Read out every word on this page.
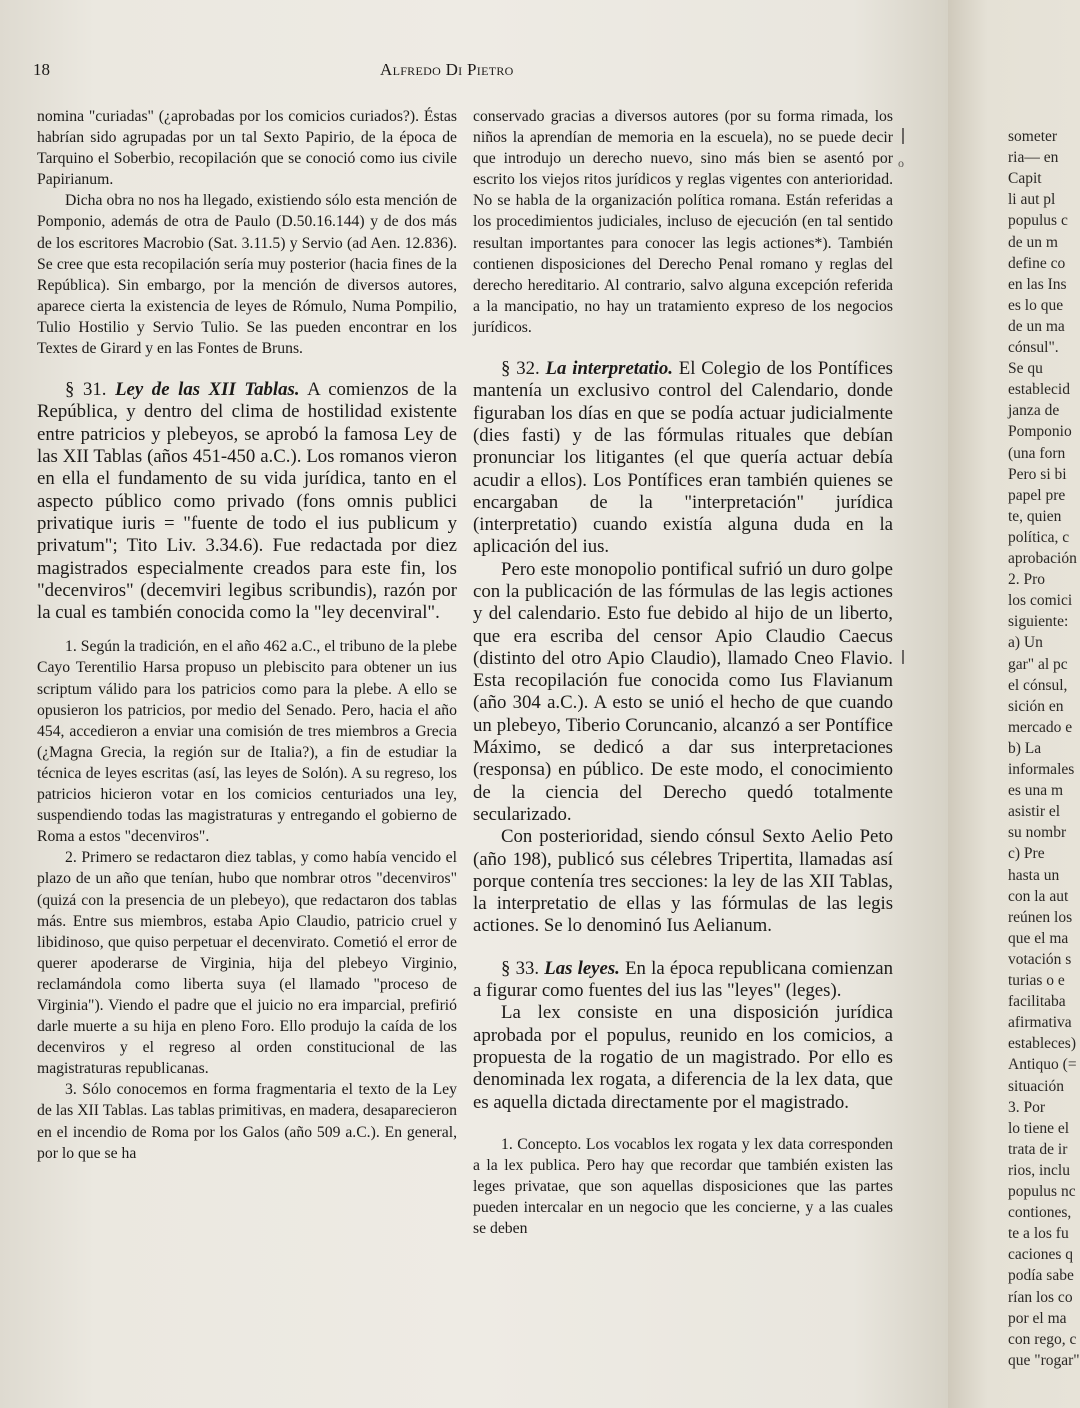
18	Alfredo Di Pietro

nomina "curiadas" (¿aprobadas por los comicios curiados?). Éstas habrían sido agrupadas por un tal Sexto Papirio, de la época de Tarquino el Soberbio, recopilación que se conoció como ius civile Papirianum.

Dicha obra no nos ha llegado, existiendo sólo esta mención de Pomponio, además de otra de Paulo (D.50.16.144) y de dos más de los escritores Macrobio (Sat. 3.11.5) y Servio (ad Aen. 12.836). Se cree que esta recopilación sería muy posterior (hacia fines de la República). Sin embargo, por la mención de diversos autores, aparece cierta la existencia de leyes de Rómulo, Numa Pompilio, Tulio Hostilio y Servio Tulio. Se las pueden encontrar en los Textes de Girard y en las Fontes de Bruns.

§ 31. Ley de las XII Tablas. A comienzos de la República, y dentro del clima de hostilidad existente entre patricios y plebeyos, se aprobó la famosa Ley de las XII Tablas (años 451-450 a.C.). Los romanos vieron en ella el fundamento de su vida jurídica, tanto en el aspecto público como privado (fons omnis publici privatique iuris = "fuente de todo el ius publicum y privatum"; Tito Liv. 3.34.6). Fue redactada por diez magistrados especialmente creados para este fin, los "decenviros" (decemviri legibus scribundis), razón por la cual es también conocida como la "ley decenviral".

1. Según la tradición, en el año 462 a.C., el tribuno de la plebe Cayo Terentilio Harsa propuso un plebiscito para obtener un ius scriptum válido para los patricios como para la plebe. A ello se opusieron los patricios, por medio del Senado. Pero, hacia el año 454, accedieron a enviar una comisión de tres miembros a Grecia (¿Magna Grecia, la región sur de Italia?), a fin de estudiar la técnica de leyes escritas (así, las leyes de Solón). A su regreso, los patricios hicieron votar en los comicios centuriados una ley, suspendiendo todas las magistraturas y entregando el gobierno de Roma a estos "decenviros".

2. Primero se redactaron diez tablas, y como había vencido el plazo de un año que tenían, hubo que nombrar otros "decenviros" (quizá con la presencia de un plebeyo), que redactaron dos tablas más. Entre sus miembros, estaba Apio Claudio, patricio cruel y libidinoso, que quiso perpetuar el decenvirato. Cometió el error de querer apoderarse de Virginia, hija del plebeyo Virginio, reclamándola como liberta suya (el llamado "proceso de Virginia"). Viendo el padre que el juicio no era imparcial, prefirió darle muerte a su hija en pleno Foro. Ello produjo la caída de los decenviros y el regreso al orden constitucional de las magistraturas republicanas.

3. Sólo conocemos en forma fragmentaria el texto de la Ley de las XII Tablas. Las tablas primitivas, en madera, desaparecieron en el incendio de Roma por los Galos (año 509 a.C.). En general, por lo que se ha

conservado gracias a diversos autores (por su forma rimada, los niños la aprendían de memoria en la escuela), no se puede decir que introdujo un derecho nuevo, sino más bien se asentó por escrito los viejos ritos jurídicos y reglas vigentes con anterioridad. No se habla de la organización política romana. Están referidas a los procedimientos judiciales, incluso de ejecución (en tal sentido resultan importantes para conocer las legis actiones*). También contienen disposiciones del Derecho Penal romano y reglas del derecho hereditario. Al contrario, salvo alguna excepción referida a la mancipatio, no hay un tratamiento expreso de los negocios jurídicos.

§ 32. La interpretatio. El Colegio de los Pontífices mantenía un exclusivo control del Calendario, donde figuraban los días en que se podía actuar judicialmente (dies fasti) y de las fórmulas rituales que debían pronunciar los litigantes (el que quería actuar debía acudir a ellos). Los Pontífices eran también quienes se encargaban de la "interpretación" jurídica (interpretatio) cuando existía alguna duda en la aplicación del ius.

Pero este monopolio pontifical sufrió un duro golpe con la publicación de las fórmulas de las legis actiones y del calendario. Esto fue debido al hijo de un liberto, que era escriba del censor Apio Claudio Caecus (distinto del otro Apio Claudio), llamado Cneo Flavio. Esta recopilación fue conocida como Ius Flavianum (año 304 a.C.). A esto se unió el hecho de que cuando un plebeyo, Tiberio Coruncanio, alcanzó a ser Pontífice Máximo, se dedicó a dar sus interpretaciones (responsa) en público. De este modo, el conocimiento de la ciencia del Derecho quedó totalmente secularizado.

Con posterioridad, siendo cónsul Sexto Aelio Peto (año 198), publicó sus célebres Tripertita, llamadas así porque contenía tres secciones: la ley de las XII Tablas, la interpretatio de ellas y las fórmulas de las legis actiones. Se lo denominó Ius Aelianum.

§ 33. Las leyes. En la época republicana comienzan a figurar como fuentes del ius las "leyes" (leges).

La lex consiste en una disposición jurídica aprobada por el populus, reunido en los comicios, a propuesta de la rogatio de un magistrado. Por ello es denominada lex rogata, a diferencia de la lex data, que es aquella dictada directamente por el magistrado.

1. Concepto. Los vocablos lex rogata y lex data corresponden a la lex publica. Pero hay que recordar que también existen las leges privatae, que son aquellas disposiciones que las partes pueden intercalar en un negocio que les concierne, y a las cuales se deben

o
someter
ria— en
Capit
li aut pl
populus c
de un m
define co
en las Ins
es lo que
de un ma
cónsul".
Se qu
establecid
janza de
Pomponio
(una forn
Pero si bi
papel pre
te, quien
política, c
aprobación
2. Pro
los comici
siguiente:
a) Un
gar" al pc
el cónsul,
sición en
mercado e
b) La
informales
es una m
asistir el
su nombr
c) Pre
hasta un
con la aut
reúnen los
que el ma
votación s
turias o e
facilitaba
afirmativa
estableces)
Antiquo (=
situación
3. Por
lo tiene el
trata de ir
rios, inclu
populus nc
contiones,
te a los fu
caciones q
podía sabe
rían los co
por el ma
con rego, c
que "rogar"
